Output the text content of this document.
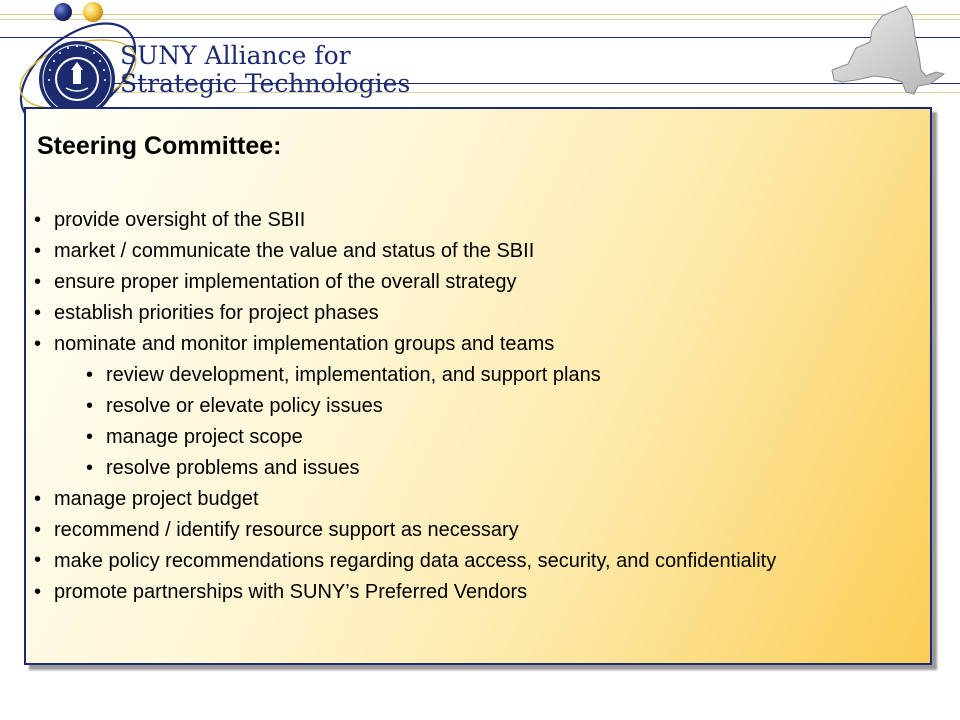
SUNY Alliance for
Strategic Technologies
Steering Committee:
• provide oversight of the SBII
• market / communicate the value and status of the SBII
• ensure proper implementation of the overall strategy
• establish priorities for project phases
• nominate and monitor implementation groups and teams
• review development, implementation, and support plans
• resolve or elevate policy issues
• manage project scope
• resolve problems and issues
• manage project budget
• recommend / identify resource support as necessary
• make policy recommendations regarding data access, security, and confidentiality
• promote partnerships with SUNY’s Preferred Vendors
